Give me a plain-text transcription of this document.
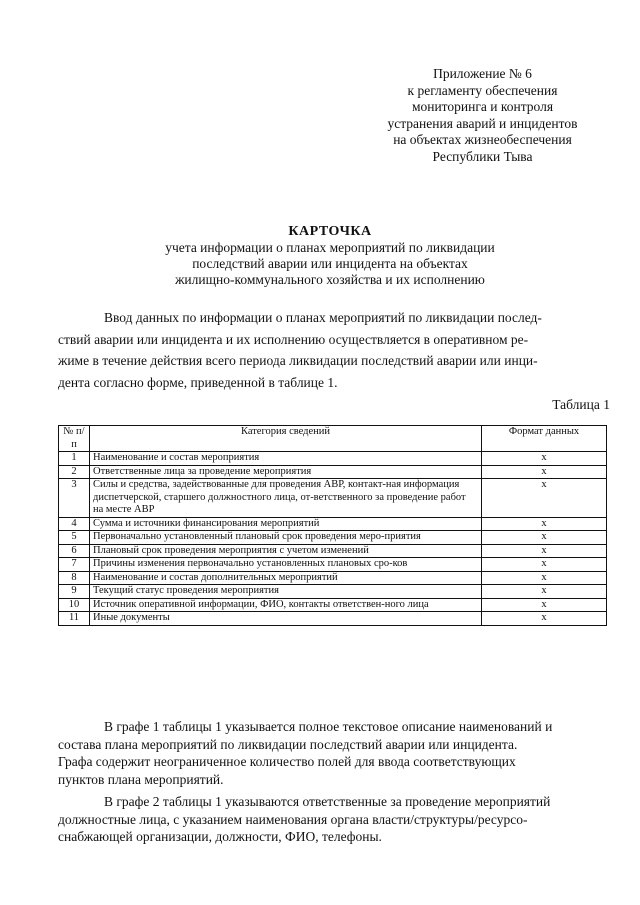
Приложение № 6
к регламенту обеспечения
мониторинга и контроля
устранения аварий и инцидентов
на объектах жизнеобеспечения
Республики Тыва
КАРТОЧКА
учета информации о планах мероприятий по ликвидации
последствий аварии или инцидента на объектах
жилищно-коммунального хозяйства и их исполнению
Ввод данных по информации о планах мероприятий по ликвидации послед-
ствий аварии или инцидента и их исполнению осуществляется в оперативном ре-
жиме в течение действия всего периода ликвидации последствий аварии или инци-
дента согласно форме, приведенной в таблице 1.
Таблица 1
№ п/п	Категория сведений	Формат данных
1	Наименование и состав мероприятия	x
2	Ответственные лица за проведение мероприятия	x
3	Силы и средства, задействованные для проведения АВР, контакт-ная информация диспетчерской, старшего должностного лица, от-ветственного за проведение работ на месте АВР	x
4	Сумма и источники финансирования мероприятий	x
5	Первоначально установленный плановый срок проведения меро-приятия	x
6	Плановый срок проведения мероприятия с учетом изменений	x
7	Причины изменения первоначально установленных плановых сро-ков	x
8	Наименование и состав дополнительных мероприятий	x
9	Текущий статус проведения мероприятия	x
10	Источник оперативной информации, ФИО, контакты ответствен-ного лица	x
11	Иные документы	x
В графе 1 таблицы 1 указывается полное текстовое описание наименований и
состава плана мероприятий по ликвидации последствий аварии или инцидента.
Графа содержит неограниченное количество полей для ввода соответствующих
пунктов плана мероприятий.
В графе 2 таблицы 1 указываются ответственные за проведение мероприятий
должностные лица, с указанием наименования органа власти/структуры/ресурсо-
снабжающей организации, должности, ФИО, телефоны.
